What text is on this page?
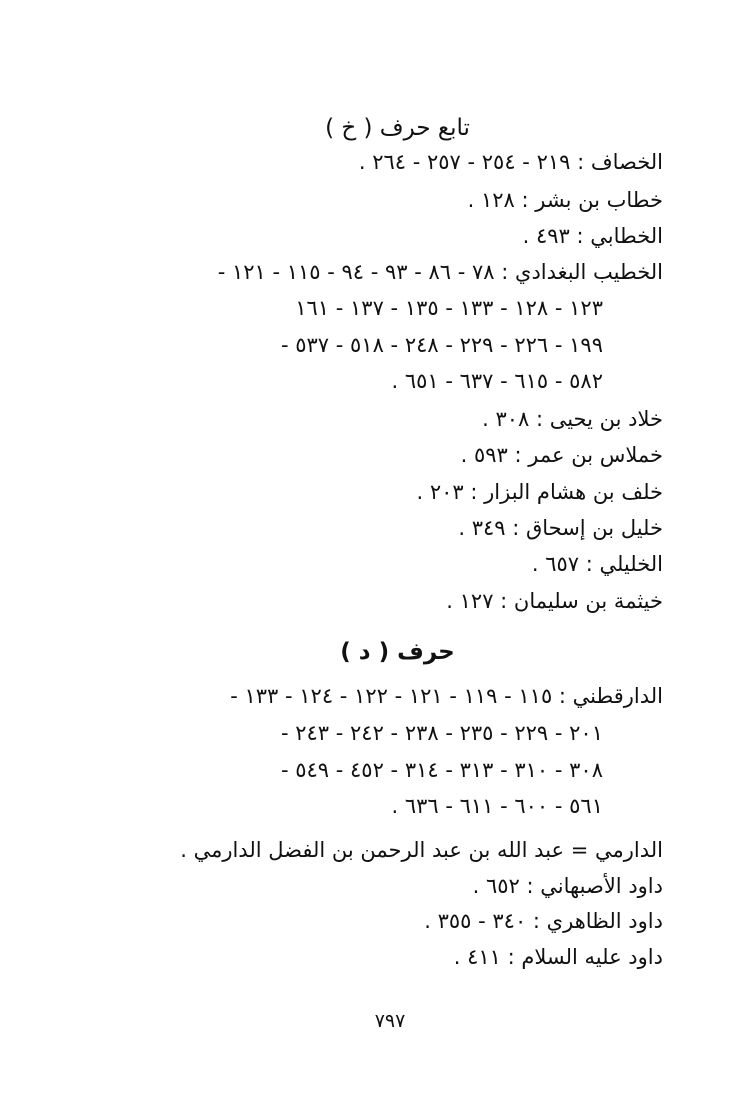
تابع حرف ( خ )
الخصاف : ٢١٩ - ٢٥٤ - ٢٥٧ - ٢٦٤ .
خطاب بن بشر : ١٢٨ .
الخطابي : ٤٩٣ .
الخطيب البغدادي : ٧٨ - ٨٦ - ٩٣ - ٩٤ - ١١٥ - ١٢١ -
١٢٣ - ١٢٨ - ١٣٣ - ١٣٥ - ١٣٧ - ١٦١
١٩٩ - ٢٢٦ - ٢٢٩ - ٢٤٨ - ٥١٨ - ٥٣٧ -
٥٨٢ - ٦١٥ - ٦٣٧ - ٦٥١ .
خلاد بن يحيى : ٣٠٨ .
خملاس بن عمر : ٥٩٣ .
خلف بن هشام البزار : ٢٠٣ .
خليل بن إسحاق : ٣٤٩ .
الخليلي : ٦٥٧ .
خيثمة بن سليمان : ١٢٧ .
حرف ( د )
الدارقطني : ١١٥ - ١١٩ - ١٢١ - ١٢٢ - ١٢٤ - ١٣٣ -
٢٠١ - ٢٢٩ - ٢٣٥ - ٢٣٨ - ٢٤٢ - ٢٤٣ -
٣٠٨ - ٣١٠ - ٣١٣ - ٣١٤ - ٤٥٢ - ٥٤٩ -
٥٦١ - ٦٠٠ - ٦١١ - ٦٣٦ .
الدارمي = عبد الله بن عبد الرحمن بن الفضل الدارمي .
داود الأصبهاني : ٦٥٢ .
داود الظاهري : ٣٤٠ - ٣٥٥ .
داود عليه السلام : ٤١١ .
٧٩٧
